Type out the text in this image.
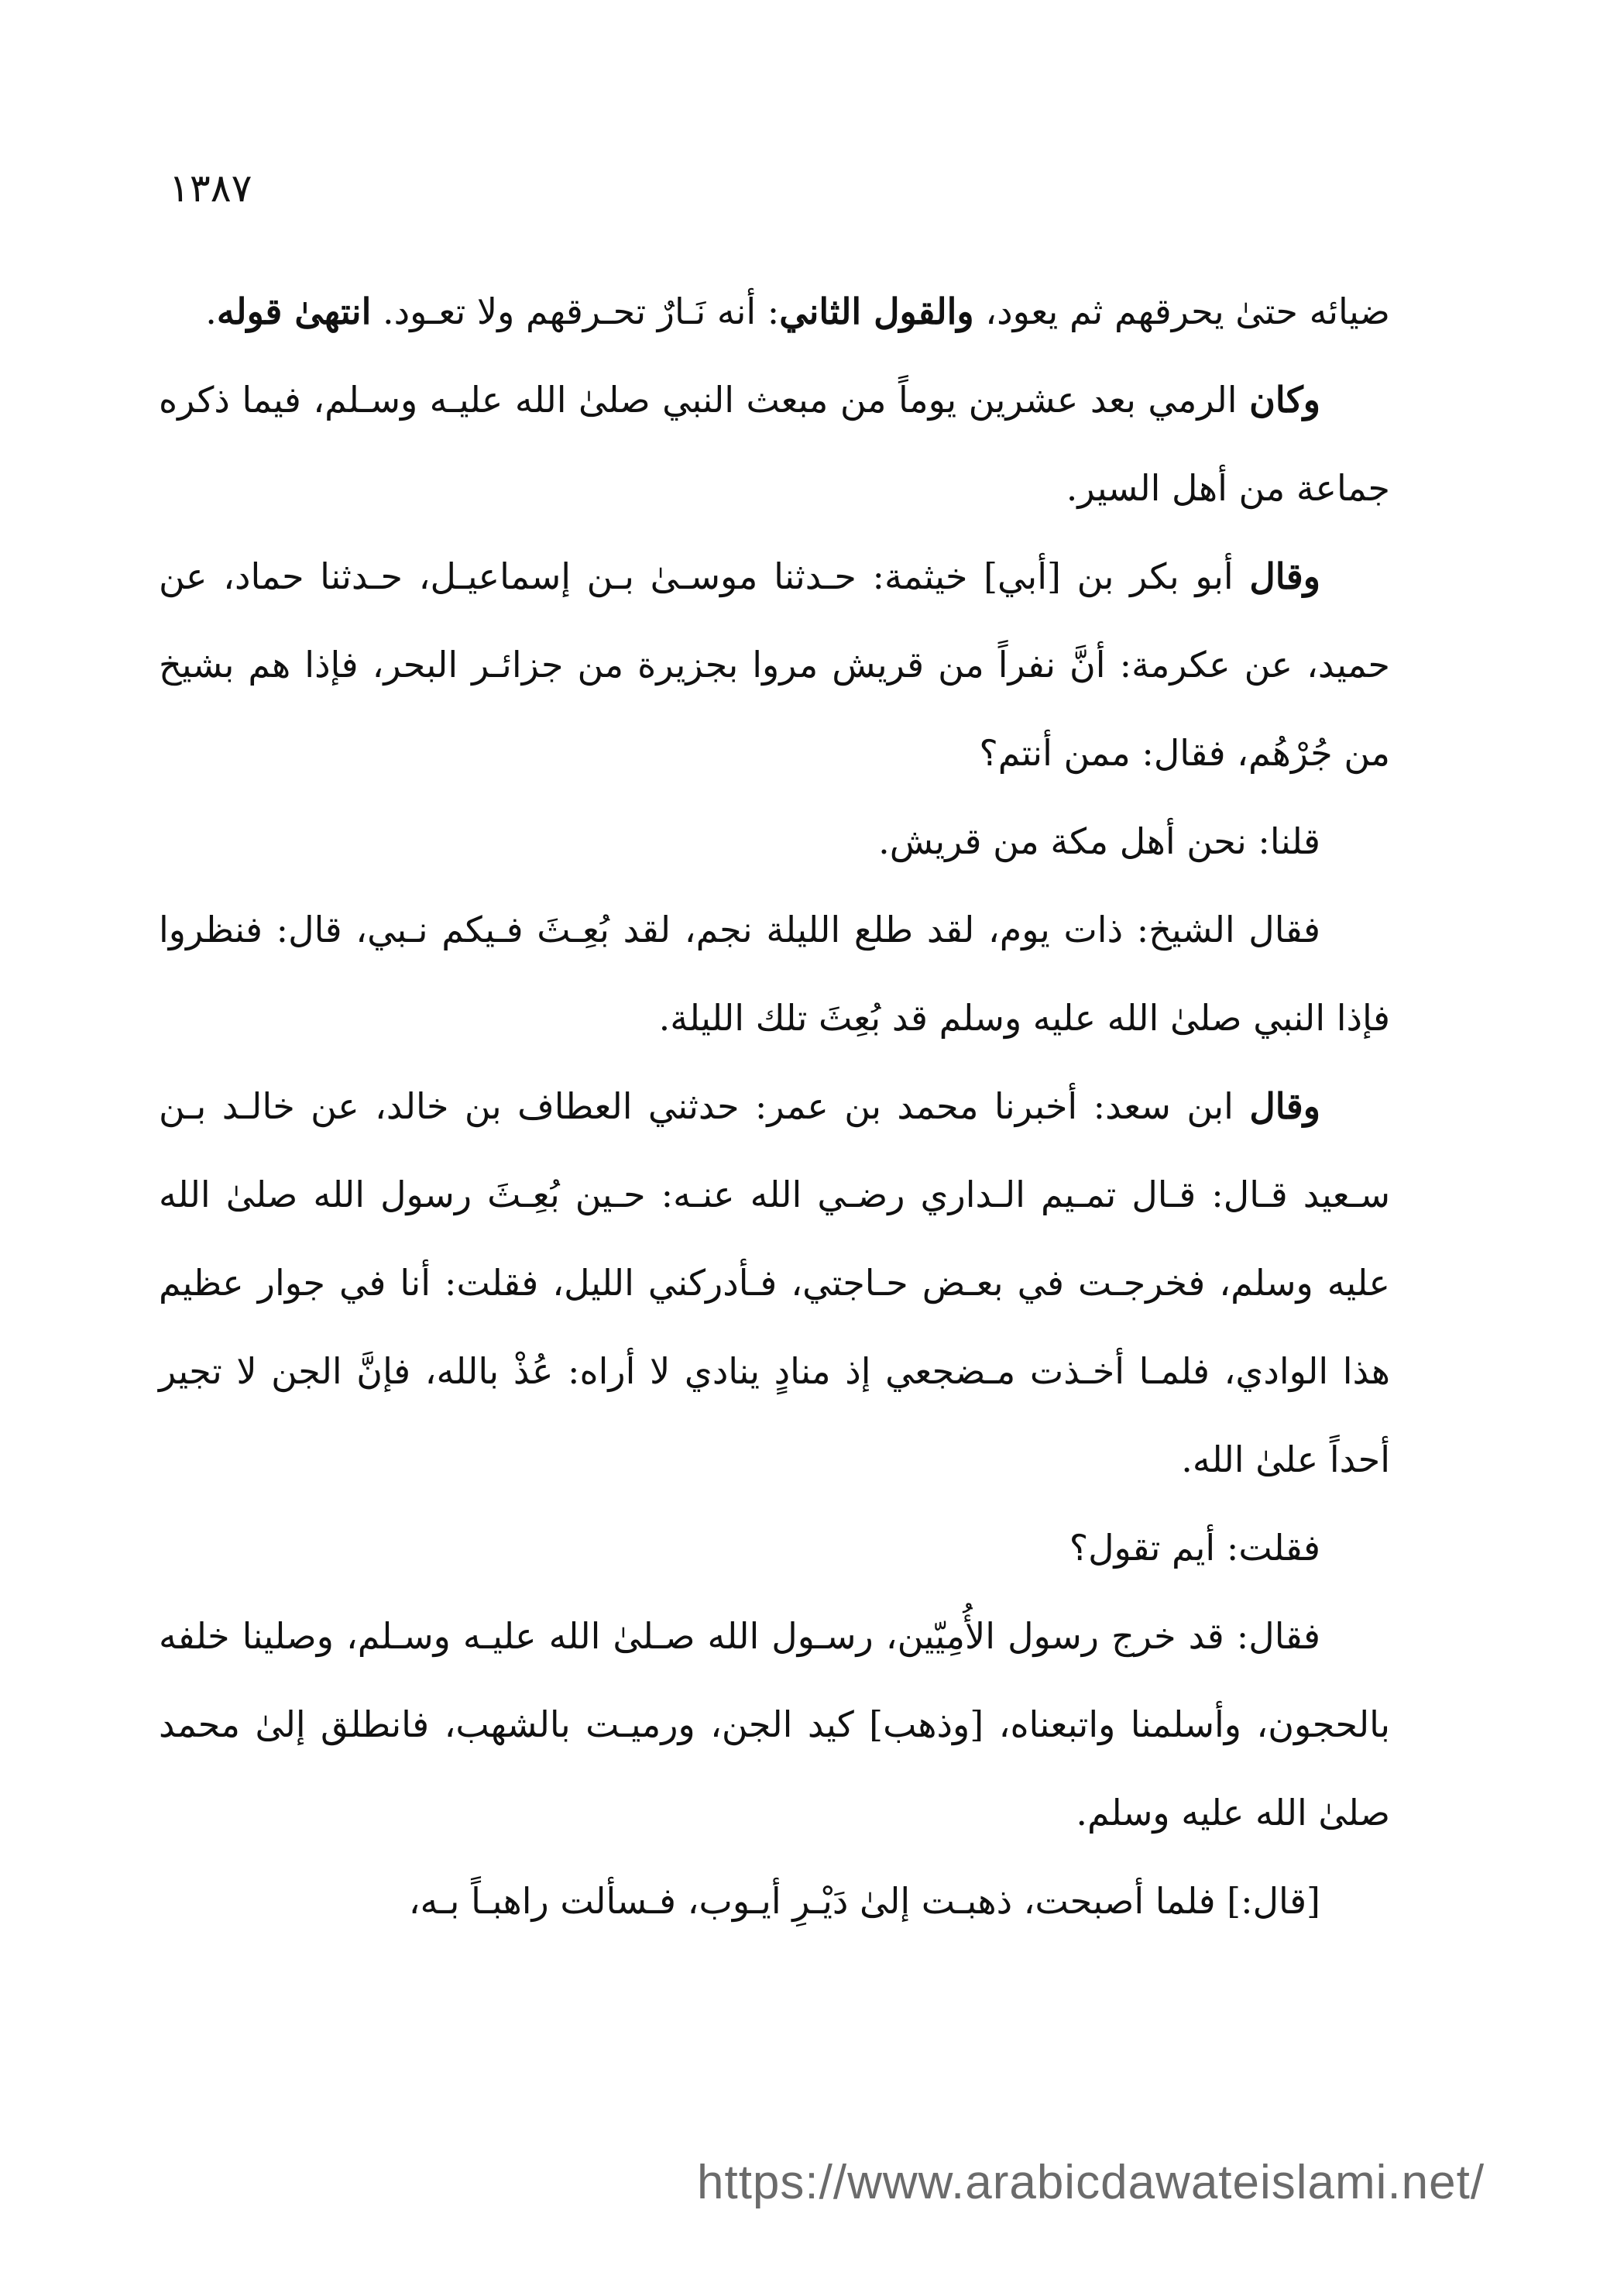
١٣٨٧

ضيائه حتىٰ يحرقهم ثم يعود، والقول الثاني: أنه نَـارٌ تحـرقهم ولا تعـود. انتهىٰ قوله.

وكان الرمي بعد عشرين يوماً من مبعث النبي صلىٰ الله عليـه وسـلم، فيما ذكره جماعة من أهل السير.

وقال أبو بكر بن [أبي] خيثمة: حـدثنا موسـىٰ بـن إسماعيـل، حـدثنا حماد، عن حميد، عن عكرمة: أنَّ نفراً من قريش مروا بجزيرة من جزائـر البحر، فإذا هم بشيخ من جُرْهُم، فقال: ممن أنتم؟

قلنا: نحن أهل مكة من قريش.

فقال الشيخ: ذات يوم، لقد طلع الليلة نجم، لقد بُعِـثَ فـيكم نـبي، قال: فنظروا فإذا النبي صلىٰ الله عليه وسلم قد بُعِثَ تلك الليلة.

وقال ابن سعد: أخبرنا محمد بن عمر: حدثني العطاف بن خالد، عن خالـد بـن سـعيد قـال: قـال تمـيم الـداري رضـي الله عنـه: حـين بُعِـثَ رسول الله صلىٰ الله عليه وسلم، فخرجـت في بعـض حـاجتي، فـأدركني الليل، فقلت: أنا في جوار عظيم هذا الوادي، فلمـا أخـذت مـضجعي إذ منادٍ ينادي لا أراه: عُذْ بالله، فإنَّ الجن لا تجير أحداً علىٰ الله.

فقلت: أيم تقول؟

فقال: قد خرج رسول الأُمِيّين، رسـول الله صـلىٰ الله عليـه وسـلم، وصلينا خلفه بالحجون، وأسلمنا واتبعناه، [وذهب] كيد الجن، ورميـت بالشهب، فانطلق إلىٰ محمد صلىٰ الله عليه وسلم.

[قال:] فلما أصبحت، ذهبـت إلىٰ دَيْـرِ أيـوب، فـسألت راهبـاً بـه،

https://www.arabicdawateislami.net/
